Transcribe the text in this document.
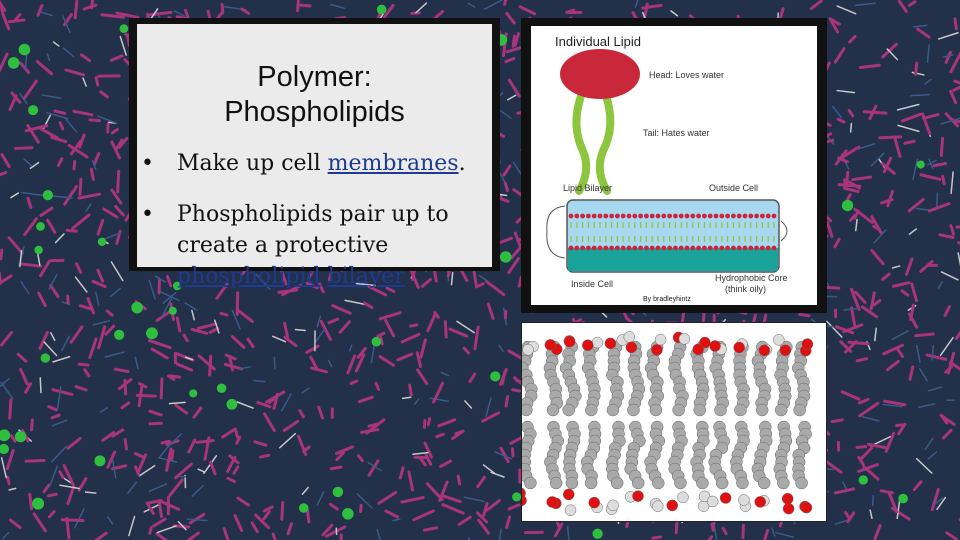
Polymer:
Phospholipids
• Make up cell membranes.
• Phospholipids pair up to
create a protective
phospholipid bilayer
Individual Lipid
Head: Loves water
Tail: Hates water
Lipid Bilayer	Outside Cell
Inside Cell
Hydrophobic Core
(think oily)
By bradleyhintz
